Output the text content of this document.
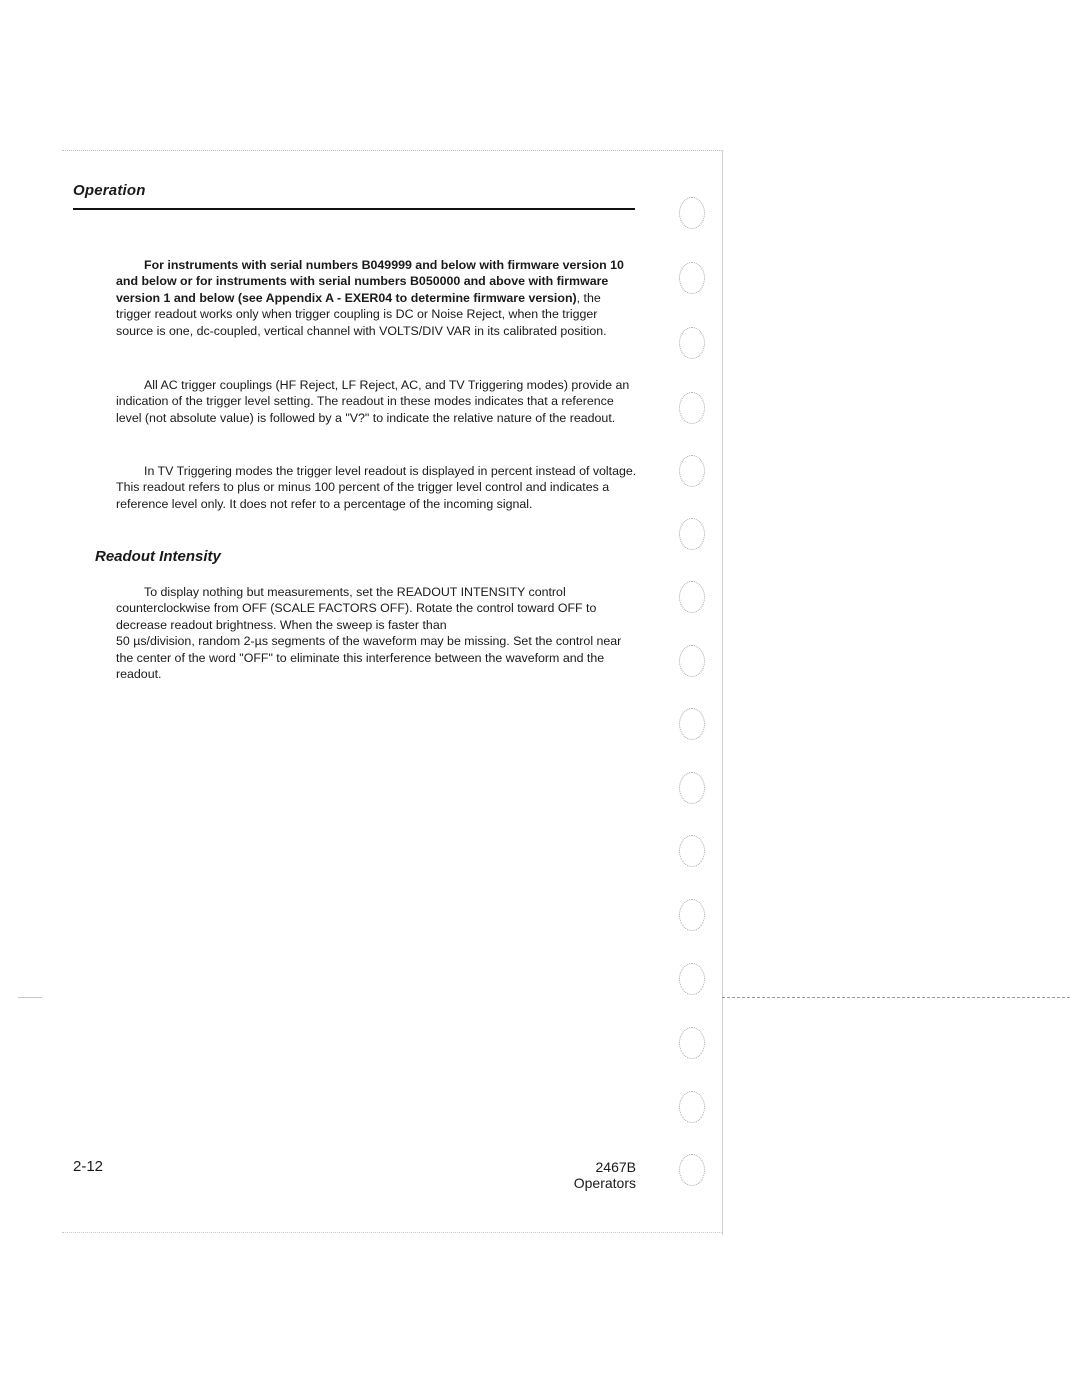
Operation
For instruments with serial numbers B049999 and below with firmware version 10 and below or for instruments with serial numbers B050000 and above with firmware version 1 and below (see Appendix A - EXER04 to determine firmware version), the trigger readout works only when trigger coupling is DC or Noise Reject, when the trigger source is one, dc-coupled, vertical channel with VOLTS/DIV VAR in its calibrated position.
All AC trigger couplings (HF Reject, LF Reject, AC, and TV Triggering modes) provide an indication of the trigger level setting. The readout in these modes indicates that a reference level (not absolute value) is followed by a "V?" to indicate the relative nature of the readout.
In TV Triggering modes the trigger level readout is displayed in percent instead of voltage. This readout refers to plus or minus 100 percent of the trigger level control and indicates a reference level only. It does not refer to a percentage of the incoming signal.
Readout Intensity
To display nothing but measurements, set the READOUT INTENSITY control counterclockwise from OFF (SCALE FACTORS OFF). Rotate the control toward OFF to decrease readout brightness. When the sweep is faster than
50 µs/division, random 2-µs segments of the waveform may be missing. Set the control near the center of the word "OFF" to eliminate this interference between the waveform and the readout.
2-12	2467B Operators
